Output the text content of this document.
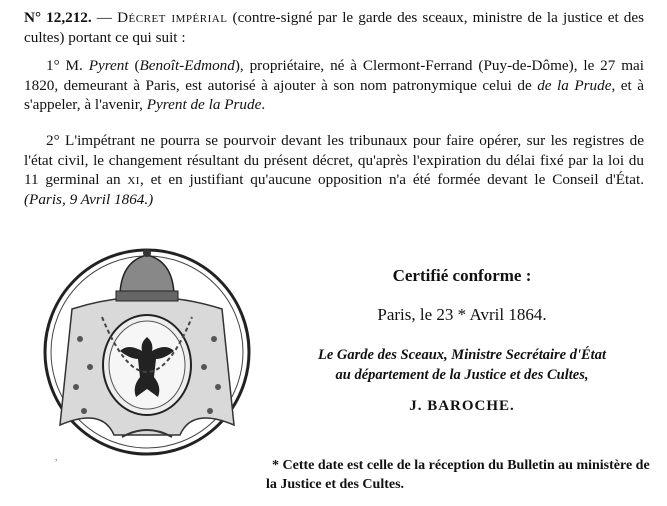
N° 12,212. — Décret impérial (contre-signé par le garde des sceaux, ministre de la justice et des cultes) portant ce qui suit :

1° M. Pyrent (Benoît-Edmond), propriétaire, né à Clermont-Ferrand (Puy-de-Dôme), le 27 mai 1820, demeurant à Paris, est autorisé à ajouter à son nom patronymique celui de de la Prude, et à s'appeler, à l'avenir, Pyrent de la Prude.

2° L'impétrant ne pourra se pourvoir devant les tribunaux pour faire opérer, sur les registres de l'état civil, le changement résultant du présent décret, qu'après l'expiration du délai fixé par la loi du 11 germinal an xi, et en justifiant qu'aucune opposition n'a été formée devant le Conseil d'État. (Paris, 9 Avril 1864.)

,
Certifié conforme :
Paris, le 23 * Avril 1864.
Le Garde des Sceaux, Ministre Secrétaire d'État
au département de la Justice et des Cultes,
J. BAROCHE.
* Cette date est celle de la réception du Bulletin au ministère de la Justice et des Cultes.
